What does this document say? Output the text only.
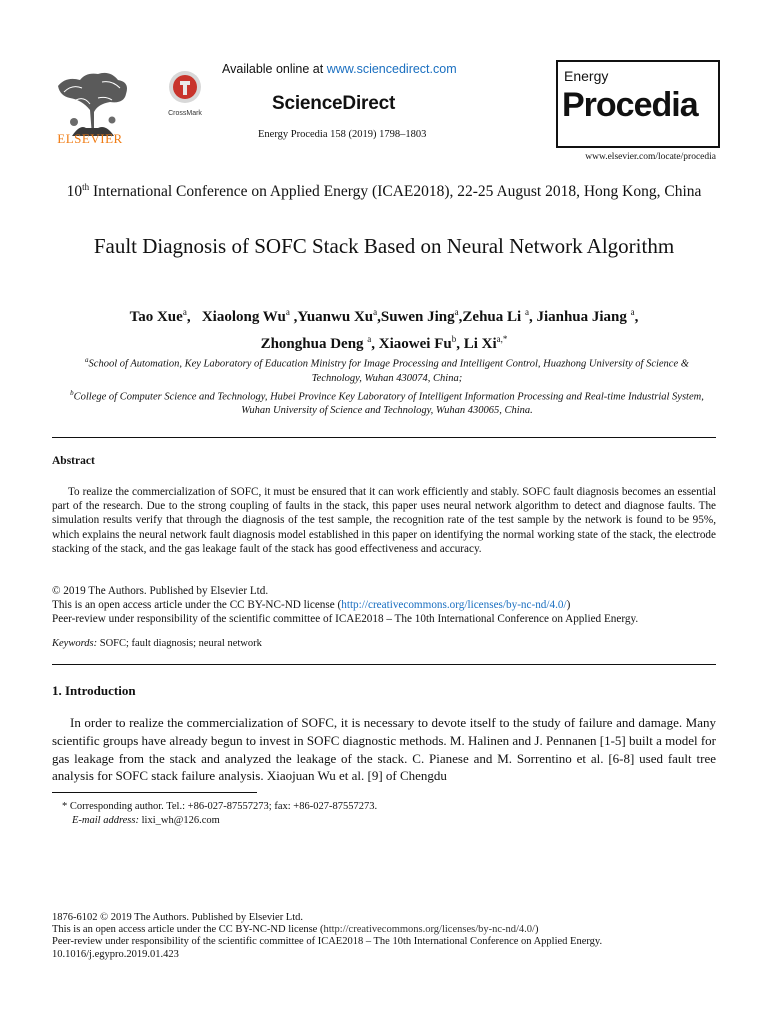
ELSEVIER
CrossMark
Available online at www.sciencedirect.com
ScienceDirect
Energy Procedia 158 (2019) 1798–1803
Energy
Procedia
www.elsevier.com/locate/procedia
10th International Conference on Applied Energy (ICAE2018), 22-25 August 2018, Hong Kong, China
Fault Diagnosis of SOFC Stack Based on Neural Network Algorithm
Tao Xue$^a$,   Xiaolong Wu$^a$ ,Yuanwu Xu$^a$,Suwen Jing$^a$,Zehua Li $^a$, Jianhua Jiang $^a$,
Zhonghua Deng $^a$, Xiaowei Fu$^b$, Li $Xi^{a,*}$
$^a$School of Automation, Key Laboratory of Education Ministry for Image Processing and Intelligent Control, Huazhong University of Science & Technology, Wuhan 430074, China;
$^b$College of Computer Science and Technology, Hubei Province Key Laboratory of Intelligent Information Processing and Real-time Industrial System, Wuhan University of Science and Technology, Wuhan 430065, China.
Abstract

To realize the commercialization of SOFC, it must be ensured that it can work efficiently and stably. SOFC fault diagnosis becomes an essential part of the research. Due to the strong coupling of faults in the stack, this paper uses neural network algorithm to detect and diagnose faults. The simulation results verify that through the diagnosis of the test sample, the recognition rate of the test sample by the network is found to be 95%, which explains the neural network fault diagnosis model established in this paper on identifying the normal working state of the stack, the electrode stacking of the stack, and the gas leakage fault of the stack has good effectiveness and accuracy.

© 2019 The Authors. Published by Elsevier Ltd.
This is an open access article under the CC BY-NC-ND license (http://creativecommons.org/licenses/by-nc-nd/4.0/)
Peer-review under responsibility of the scientific committee of ICAE2018 – The 10th International Conference on Applied Energy.
Keywords: SOFC; fault diagnosis; neural network
1. Introduction

In order to realize the commercialization of SOFC, it is necessary to devote itself to the study of failure and damage. Many scientific groups have already begun to invest in SOFC diagnostic methods. M. Halinen and J. Pennanen [1-5] built a model for gas leakage from the stack and analyzed the leakage of the stack. C. Pianese and M. Sorrentino et al. [6-8] used fault tree analysis for SOFC stack failure analysis. Xiaojuan Wu et al. [9] of Chengdu

* Corresponding author. Tel.: +86-027-87557273; fax: +86-027-87557273.
E-mail address: lixi_wh@126.com
1876-6102 © 2019 The Authors. Published by Elsevier Ltd.
This is an open access article under the CC BY-NC-ND license (http://creativecommons.org/licenses/by-nc-nd/4.0/)
Peer-review under responsibility of the scientific committee of ICAE2018 – The 10th International Conference on Applied Energy.
10.1016/j.egypro.2019.01.423
